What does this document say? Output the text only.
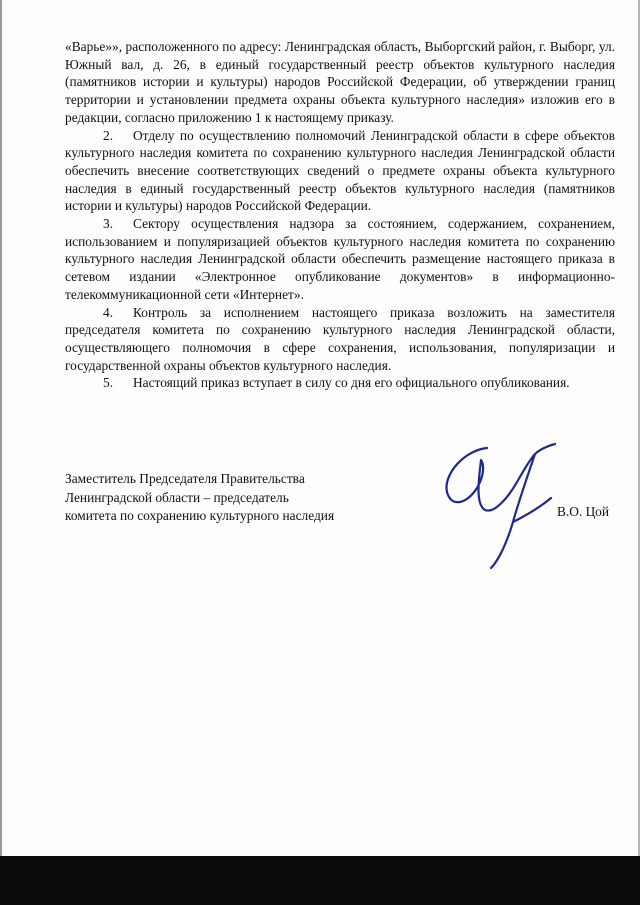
«Варье»», расположенного по адресу: Ленинградская область, Выборгский район, г. Выборг, ул. Южный вал, д. 26, в единый государственный реестр объектов культурного наследия (памятников истории и культуры) народов Российской Федерации, об утверждении границ территории и установлении предмета охраны объекта культурного наследия» изложив его в редакции, согласно приложению 1 к настоящему приказу.

2. Отделу по осуществлению полномочий Ленинградской области в сфере объектов культурного наследия комитета по сохранению культурного наследия Ленинградской области обеспечить внесение соответствующих сведений о предмете охраны объекта культурного наследия в единый государственный реестр объектов культурного наследия (памятников истории и культуры) народов Российской Федерации.

3. Сектору осуществления надзора за состоянием, содержанием, сохранением, использованием и популяризацией объектов культурного наследия комитета по сохранению культурного наследия Ленинградской области обеспечить размещение настоящего приказа в сетевом издании «Электронное опубликование документов» в информационно-телекоммуникационной сети «Интернет».

4. Контроль за исполнением настоящего приказа возложить на заместителя председателя комитета по сохранению культурного наследия Ленинградской области, осуществляющего полномочия в сфере сохранения, использования, популяризации и государственной охраны объектов культурного наследия.

5. Настоящий приказ вступает в силу со дня его официального опубликования.

Заместитель Председателя Правительства

Ленинградской области – председатель

комитета по сохранению культурного наследия	В.О. Цой
